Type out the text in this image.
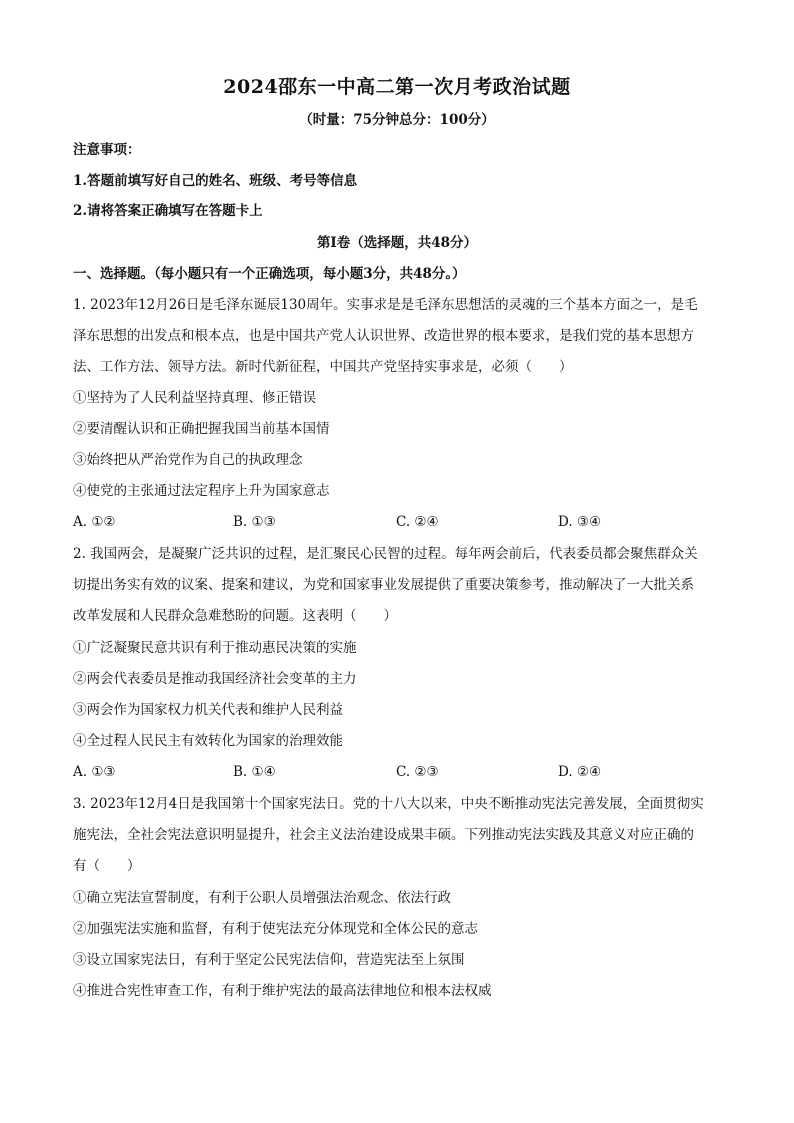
2024邵东一中高二第一次月考政治试题
（时量：75分钟总分：100分）
注意事项：
1.答题前填写好自己的姓名、班级、考号等信息
2.请将答案正确填写在答题卡上
第I卷（选择题，共48分）
一、选择题。（每小题只有一个正确选项，每小题3分，共48分。）
1. 2023年12月26日是毛泽东诞辰130周年。实事求是是毛泽东思想活的灵魂的三个基本方面之一，是毛
泽东思想的出发点和根本点，也是中国共产党人认识世界、改造世界的根本要求，是我们党的基本思想方
法、工作方法、领导方法。新时代新征程，中国共产党坚持实事求是，必须（　　）
①坚持为了人民利益坚持真理、修正错误
②要清醒认识和正确把握我国当前基本国情
③始终把从严治党作为自己的执政理念
④使党的主张通过法定程序上升为国家意志
A. ①②	B. ①③	C. ②④	D. ③④
2. 我国两会，是凝聚广泛共识的过程，是汇聚民心民智的过程。每年两会前后，代表委员都会聚焦群众关
切提出务实有效的议案、提案和建议，为党和国家事业发展提供了重要决策参考，推动解决了一大批关系
改革发展和人民群众急难愁盼的问题。这表明（　　）
①广泛凝聚民意共识有利于推动惠民决策的实施
②两会代表委员是推动我国经济社会变革的主力
③两会作为国家权力机关代表和维护人民利益
④全过程人民民主有效转化为国家的治理效能
A. ①③	B. ①④	C. ②③	D. ②④
3. 2023年12月4日是我国第十个国家宪法日。党的十八大以来，中央不断推动宪法完善发展，全面贯彻实
施宪法，全社会宪法意识明显提升，社会主义法治建设成果丰硕。下列推动宪法实践及其意义对应正确的
有（　　）
①确立宪法宣誓制度，有利于公职人员增强法治观念、依法行政
②加强宪法实施和监督，有利于使宪法充分体现党和全体公民的意志
③设立国家宪法日，有利于坚定公民宪法信仰，营造宪法至上氛围
④推进合宪性审查工作，有利于维护宪法的最高法律地位和根本法权威
